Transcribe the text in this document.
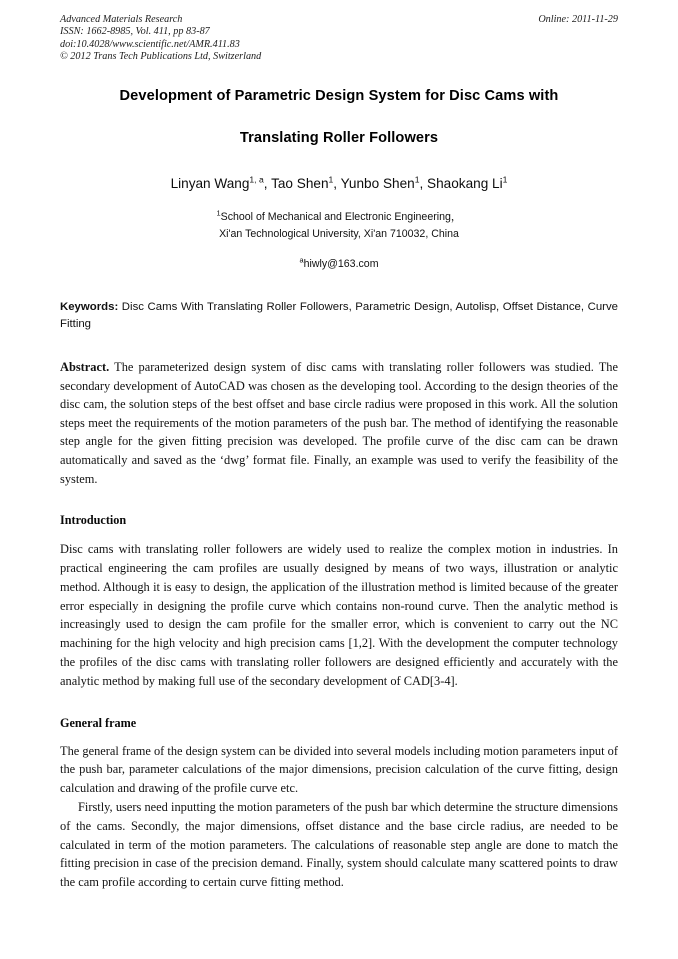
Advanced Materials Research
ISSN: 1662-8985, Vol. 411, pp 83-87
doi:10.4028/www.scientific.net/AMR.411.83
© 2012 Trans Tech Publications Ltd, Switzerland
Online: 2011-11-29
Development of Parametric Design System for Disc Cams with
Translating Roller Followers
Linyan Wang$^{1, a}$, Tao Shen$^1$, Yunbo Shen$^1$, Shaokang Li$^1$
$^1$School of Mechanical and Electronic Engineering，
Xi'an Technological University, Xi'an 710032, China
$^a$hiwly@163.com
Keywords: Disc Cams With Translating Roller Followers, Parametric Design, Autolisp, Offset Distance, Curve Fitting
Abstract. The parameterized design system of disc cams with translating roller followers was studied. The secondary development of AutoCAD was chosen as the developing tool. According to the design theories of the disc cam, the solution steps of the best offset and base circle radius were proposed in this work. All the solution steps meet the requirements of the motion parameters of the push bar. The method of identifying the reasonable step angle for the given fitting precision was developed. The profile curve of the disc cam can be drawn automatically and saved as the ‘dwg’ format file. Finally, an example was used to verify the feasibility of the system.
Introduction
Disc cams with translating roller followers are widely used to realize the complex motion in industries. In practical engineering the cam profiles are usually designed by means of two ways, illustration or analytic method. Although it is easy to design, the application of the illustration method is limited because of the greater error especially in designing the profile curve which contains non-round curve. Then the analytic method is increasingly used to design the cam profile for the smaller error, which is convenient to carry out the NC machining for the high velocity and high precision cams [1,2]. With the development the computer technology the profiles of the disc cams with translating roller followers are designed efficiently and accurately with the analytic method by making full use of the secondary development of CAD[3-4].
General frame
The general frame of the design system can be divided into several models including motion parameters input of the push bar, parameter calculations of the major dimensions, precision calculation of the curve fitting, design calculation and drawing of the profile curve etc.
Firstly, users need inputting the motion parameters of the push bar which determine the structure dimensions of the cams. Secondly, the major dimensions, offset distance and the base circle radius, are needed to be calculated in term of the motion parameters. The calculations of reasonable step angle are done to match the fitting precision in case of the precision demand. Finally, system should calculate many scattered points to draw the cam profile according to certain curve fitting method.
